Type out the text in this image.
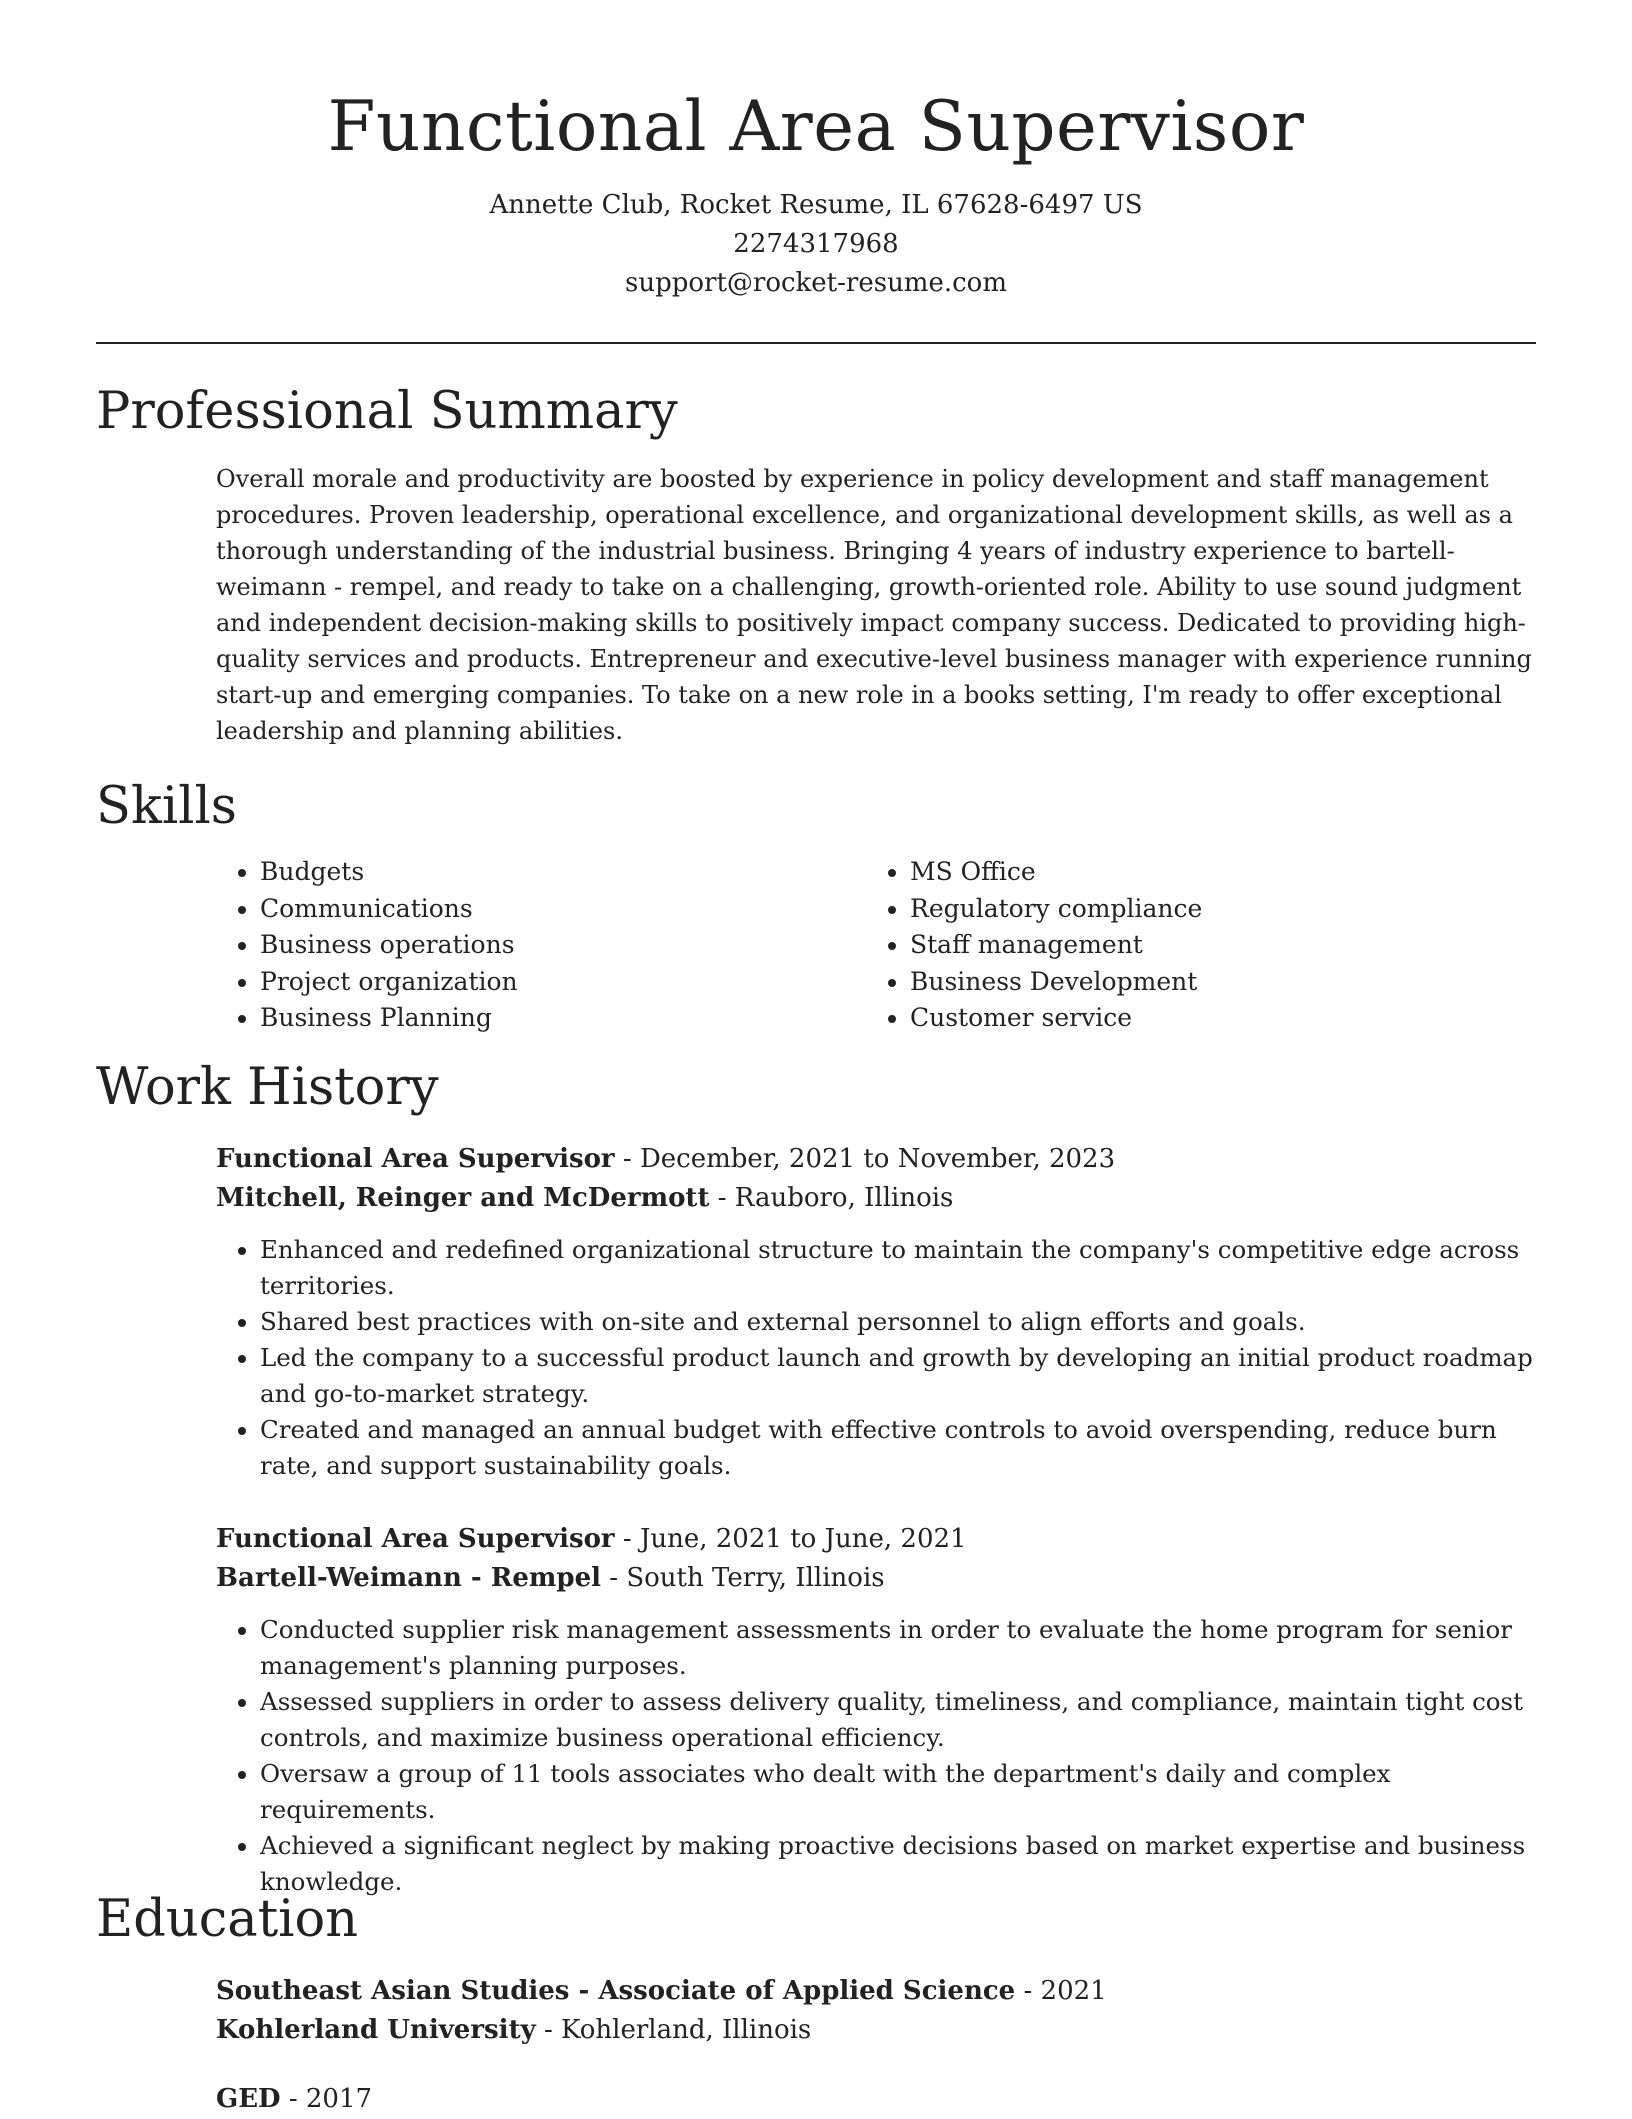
Functional Area Supervisor
Annette Club, Rocket Resume, IL 67628-6497 US
2274317968
support@rocket-resume.com
Professional Summary

Overall morale and productivity are boosted by experience in policy development and staff management procedures. Proven leadership, operational excellence, and organizational development skills, as well as a thorough understanding of the industrial business. Bringing 4 years of industry experience to bartell-weimann - rempel, and ready to take on a challenging, growth-oriented role. Ability to use sound judgment and independent decision-making skills to positively impact company success. Dedicated to providing high-quality services and products. Entrepreneur and executive-level business manager with experience running start-up and emerging companies. To take on a new role in a books setting, I'm ready to offer exceptional leadership and planning abilities.

Skills
• Budgets
• Communications
• Business operations
• Project organization
• Business Planning
• MS Office
• Regulatory compliance
• Staff management
• Business Development
• Customer service
Work History

Functional Area Supervisor - December, 2021 to November, 2023

Mitchell, Reinger and McDermott - Rauboro, Illinois

• Enhanced and redefined organizational structure to maintain the company's competitive edge across territories.
• Shared best practices with on-site and external personnel to align efforts and goals.
• Led the company to a successful product launch and growth by developing an initial product roadmap and go-to-market strategy.
• Created and managed an annual budget with effective controls to avoid overspending, reduce burn rate, and support sustainability goals.

Functional Area Supervisor - June, 2021 to June, 2021

Bartell-Weimann - Rempel - South Terry, Illinois

• Conducted supplier risk management assessments in order to evaluate the home program for senior management's planning purposes.
• Assessed suppliers in order to assess delivery quality, timeliness, and compliance, maintain tight cost controls, and maximize business operational efficiency.
• Oversaw a group of 11 tools associates who dealt with the department's daily and complex requirements.
• Achieved a significant neglect by making proactive decisions based on market expertise and business knowledge.
Education

Southeast Asian Studies - Associate of Applied Science - 2021

Kohlerland University - Kohlerland, Illinois

GED - 2017
